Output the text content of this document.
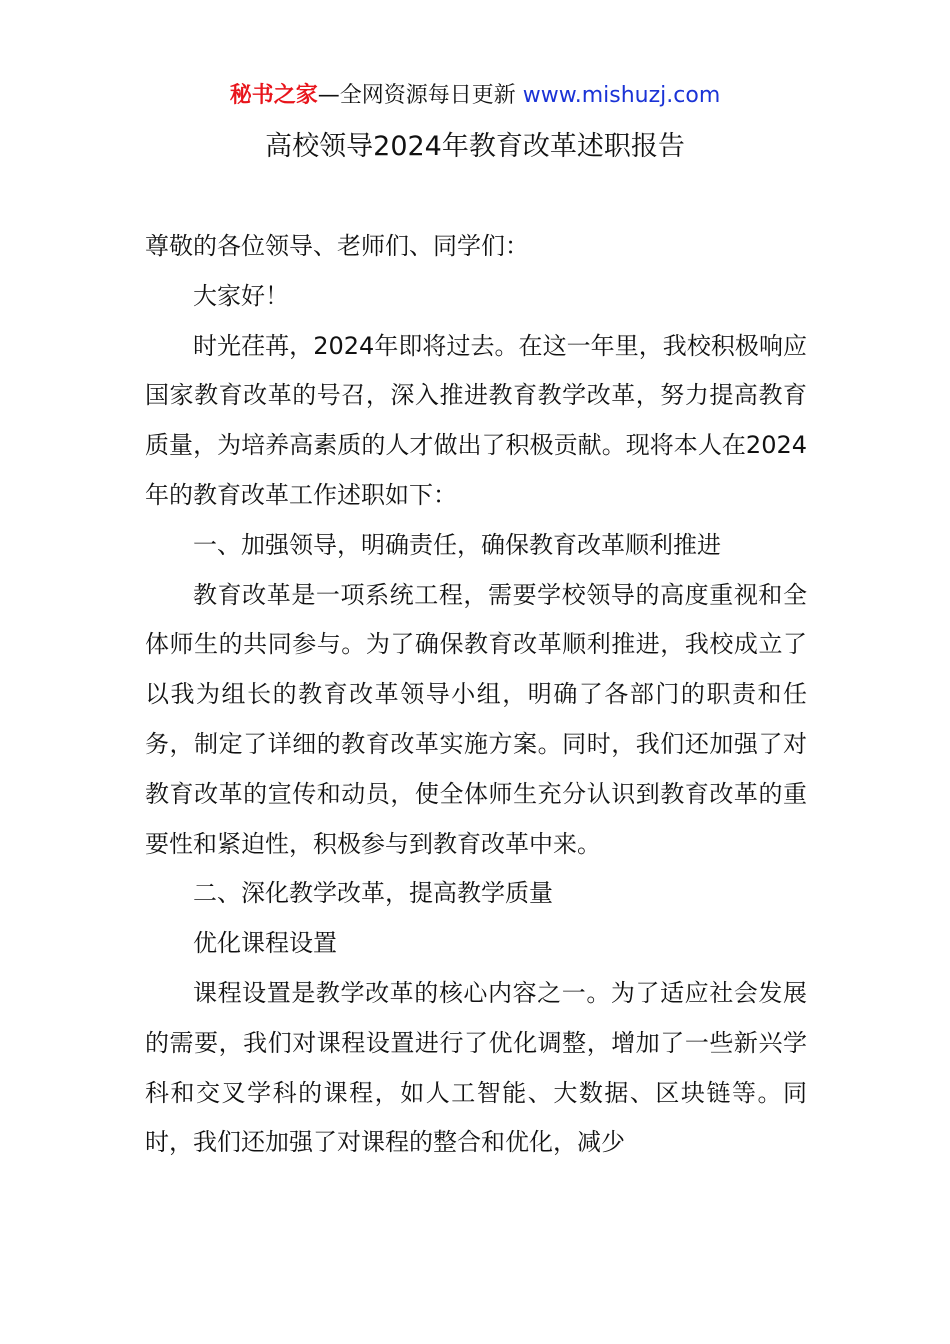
秘书之家—全网资源每日更新 www.mishuzj.com
高校领导2024年教育改革述职报告

尊敬的各位领导、老师们、同学们：

大家好！

时光荏苒，2024年即将过去。在这一年里，我校积极响应国家教育改革的号召，深入推进教育教学改革，努力提高教育质量，为培养高素质的人才做出了积极贡献。现将本人在2024年的教育改革工作述职如下：

一、加强领导，明确责任，确保教育改革顺利推进

教育改革是一项系统工程，需要学校领导的高度重视和全体师生的共同参与。为了确保教育改革顺利推进，我校成立了以我为组长的教育改革领导小组，明确了各部门的职责和任务，制定了详细的教育改革实施方案。同时，我们还加强了对教育改革的宣传和动员，使全体师生充分认识到教育改革的重要性和紧迫性，积极参与到教育改革中来。

二、深化教学改革，提高教学质量

优化课程设置

课程设置是教学改革的核心内容之一。为了适应社会发展的需要，我们对课程设置进行了优化调整，增加了一些新兴学科和交叉学科的课程，如人工智能、大数据、区块链等。同时，我们还加强了对课程的整合和优化，减少
